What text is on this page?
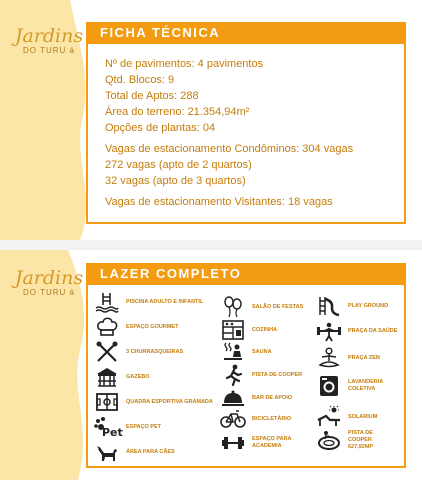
Jardins
DO TURU á
FICHA TÉCNICA
Nº de pavimentos: 4 pavimentos
Qtd. Blocos: 9
Total de Aptos: 288
Área do terreno: 21.354,94m²
Opções de plantas: 04
Vagas de estacionamento Condôminos: 304 vagas
272 vagas (apto de 2 quartos)
32 vagas (apto de 3 quartos)
Vagas de estacionamento Visitantes: 18 vagas
Jardins
DO TURU á
LAZER COMPLETO
PISCINA ADULTO E INFANTIL
ESPAÇO GOURMET
3 CHURRASQUEIRAS
GAZEBO
QUADRA ESPORTIVA GRAMADA
Pet ESPAÇO PET
ÁREA PARA CÃES
SALÃO DE FESTAS
COZINHA
SAUNA
PISTA DE COOPER
BAR DE APOIO
BICICLETÁRIO
ESPAÇO PARA ACADEMIA
PLAY GROUND
PRAÇA DA SAÚDE
PRAÇA ZEN
LAVANDERIA COLETIVA
SOLARIUM
PISTA DE COOPER 627,92MP
